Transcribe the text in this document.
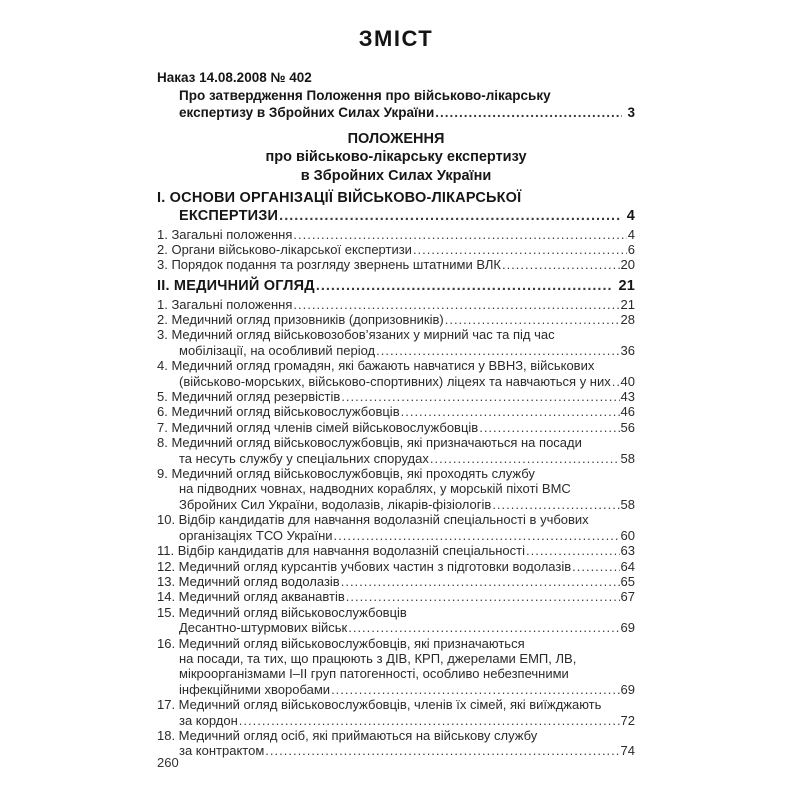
ЗМІСТ
Наказ 14.08.2008 № 402
Про затвердження Положення про військово-лікарську
експертизу в Збройних Силах України .....	3
ПОЛОЖЕННЯ
про військово-лікарську експертизу
в Збройних Силах України
I. ОСНОВИ ОРГАНІЗАЦІЇ ВІЙСЬКОВО-ЛІКАРСЬКОЇ
ЕКСПЕРТИЗИ .....	4
1. Загальні положення .....	4
2. Органи військово-лікарської експертизи .....	6
3. Порядок подання та розгляду звернень штатними ВЛК .....	20
II. МЕДИЧНИЙ ОГЛЯД .....	21
1. Загальні положення .....	21
2. Медичний огляд призовників (допризовників) .....	28
3. Медичний огляд військовозобов’язаних у мирний час та під час
мобілізації, на особливий період .....	36
4. Медичний огляд громадян, які бажають навчатися у ВВНЗ, військових
(військово-морських, військово-спортивних) ліцеях та навчаються у них ..... 40
5. Медичний огляд резервістів .....	43
6. Медичний огляд військовослужбовців .....	46
7. Медичний огляд членів сімей військовослужбовців .....	56
8. Медичний огляд військовослужбовців, які призначаються на посади
та несуть службу у спеціальних спорудах .....	58
9. Медичний огляд військовослужбовців, які проходять службу
на підводних човнах, надводних кораблях, у морській піхоті ВМС
Збройних Сил України, водолазів, лікарів-фізіологів .....	58
10. Відбір кандидатів для навчання водолазній спеціальності в учбових
організаціях ТСО України .....	60
11. Відбір кандидатів для навчання водолазній спеціальності .....	63
12. Медичний огляд курсантів учбових частин з підготовки водолазів .....	64
13. Медичний огляд водолазів .....	65
14. Медичний огляд акванавтів .....	67
15. Медичний огляд військовослужбовців
Десантно-штурмових військ .....	69
16. Медичний огляд військовослужбовців, які призначаються
на посади, та тих, що працюють з ДІВ, КРП, джерелами ЕМП, ЛВ,
мікроорганізмами І–ІІ груп патогенності, особливо небезпечними
інфекційними хворобами .....	69
17. Медичний огляд військовослужбовців, членів їх сімей, які виїжджають
за кордон .....	72
18. Медичний огляд осіб, які приймаються на військову службу
за контрактом .....	74
260
